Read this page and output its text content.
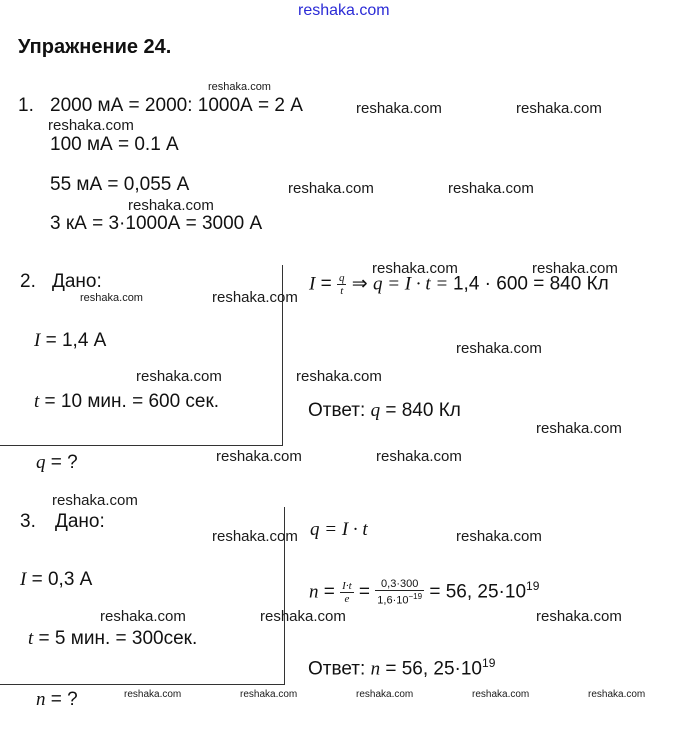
reshaka.com
Упражнение 24.
1. 2000 мА = 2000: 1000А = 2 А
100 мА = 0.1 А
55 мА = 0,055 А
3 кА = 3·1000А = 3000 А
2. Дано:
I = 1,4 А
t = 10 мин. = 600 сек.
q = ?
$I = \frac{q}{t}$ ⇒ q = I · t = 1,4 · 600 = 840 Кл
Ответ: q = 840 Кл
3. Дано:
I = 0,3 А
t = 5 мин. = 300сек.
n = ?
q = I · t
$n = \frac{I\cdot t}{e} = \frac{0,3\cdot 300}{1,6\cdot 10^{-19}} = 56$, $25\cdot 10^{19}$
Ответ: n = 56, $25\cdot 10^{19}$
reshaka.com
reshaka.com	reshaka.com
reshaka.com
reshaka.com	reshaka.com
reshaka.com
reshaka.com	reshaka.com
reshaka.com	reshaka.com
reshaka.com
reshaka.com	reshaka.com
reshaka.com
reshaka.com	reshaka.com
reshaka.com
reshaka.com	reshaka.com
reshaka.com	reshaka.com	reshaka.com
reshaka.com	reshaka.com	reshaka.com	reshaka.com	reshaka.com
